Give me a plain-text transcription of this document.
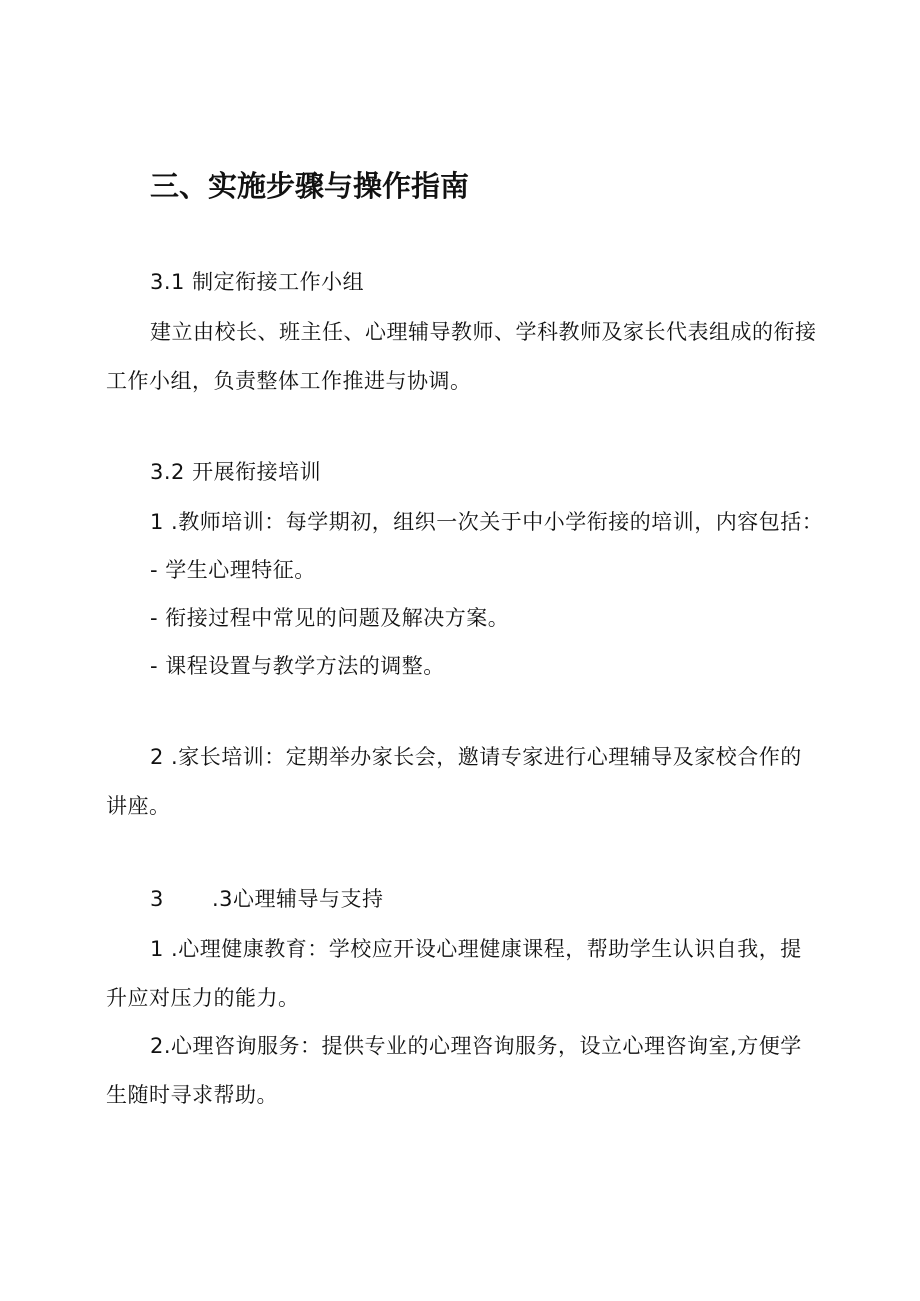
三、实施步骤与操作指南
3.1 制定衔接工作小组
建立由校长、班主任、心理辅导教师、学科教师及家长代表组成的衔接
工作小组，负责整体工作推进与协调。
3.2 开展衔接培训
1 .教师培训：每学期初，组织一次关于中小学衔接的培训，内容包括：
- 学生心理特征。
- 衔接过程中常见的问题及解决方案。
- 课程设置与教学方法的调整。
2 .家长培训：定期举办家长会，邀请专家进行心理辅导及家校合作的
讲座。
3 .3心理辅导与支持
1 .心理健康教育：学校应开设心理健康课程，帮助学生认识自我，提
升应对压力的能力。
2.心理咨询服务：提供专业的心理咨询服务，设立心理咨询室,方便学
生随时寻求帮助。
